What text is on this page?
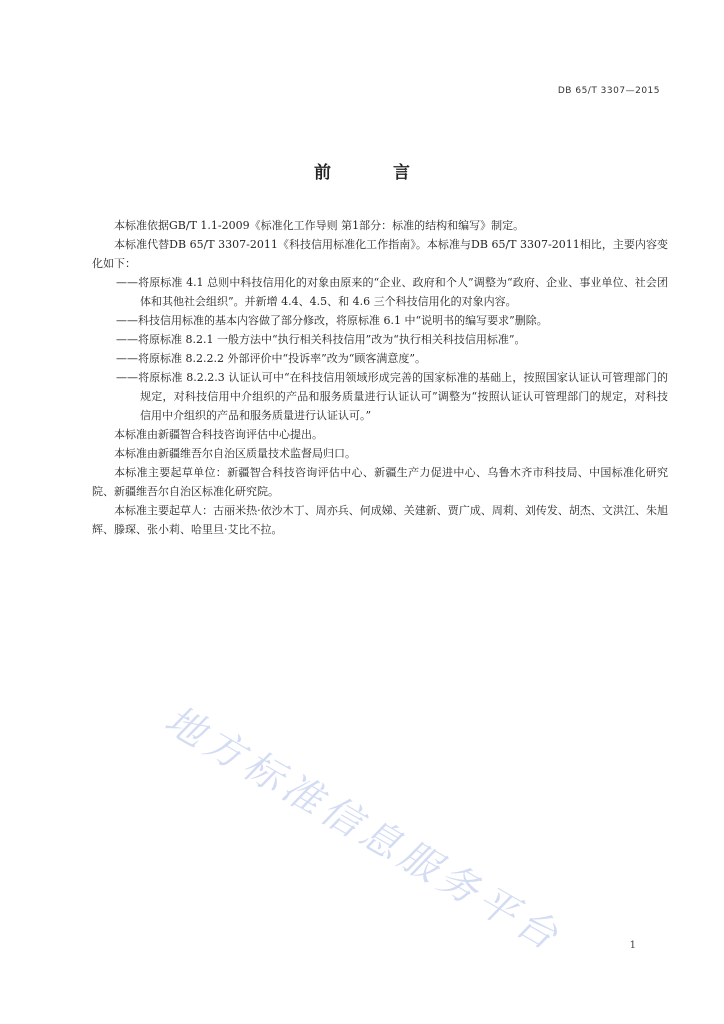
DB 65/T 3307—2015
前 言

本标准依据GB/T 1.1-2009《标准化工作导则 第1部分：标准的结构和编写》制定。

本标准代替DB 65/T 3307-2011《科技信用标准化工作指南》。本标准与DB 65/T 3307-2011相比，主要内容变化如下：

——将原标准 4.1 总则中科技信用化的对象由原来的“企业、政府和个人”调整为“政府、企业、事业单位、社会团体和其他社会组织”。并新增 4.4、4.5、和 4.6 三个科技信用化的对象内容。

——科技信用标准的基本内容做了部分修改，将原标准 6.1 中“说明书的编写要求”删除。

——将原标准 8.2.1 一般方法中“执行相关科技信用”改为“执行相关科技信用标准”。

——将原标准 8.2.2.2 外部评价中“投诉率”改为“顾客满意度”。

——将原标准 8.2.2.3 认证认可中“在科技信用领域形成完善的国家标准的基础上，按照国家认证认可管理部门的规定，对科技信用中介组织的产品和服务质量进行认证认可”调整为“按照认证认可管理部门的规定，对科技信用中介组织的产品和服务质量进行认证认可。”

本标准由新疆智合科技咨询评估中心提出。

本标准由新疆维吾尔自治区质量技术监督局归口。

本标准主要起草单位：新疆智合科技咨询评估中心、新疆生产力促进中心、乌鲁木齐市科技局、中国标准化研究院、新疆维吾尔自治区标准化研究院。

本标准主要起草人：古丽米热·依沙木丁、周亦兵、何成娣、关建新、贾广成、周莉、刘传发、胡杰、文洪江、朱旭辉、滕琛、张小莉、哈里旦·艾比不拉。

地方标准信息服务平台	1
